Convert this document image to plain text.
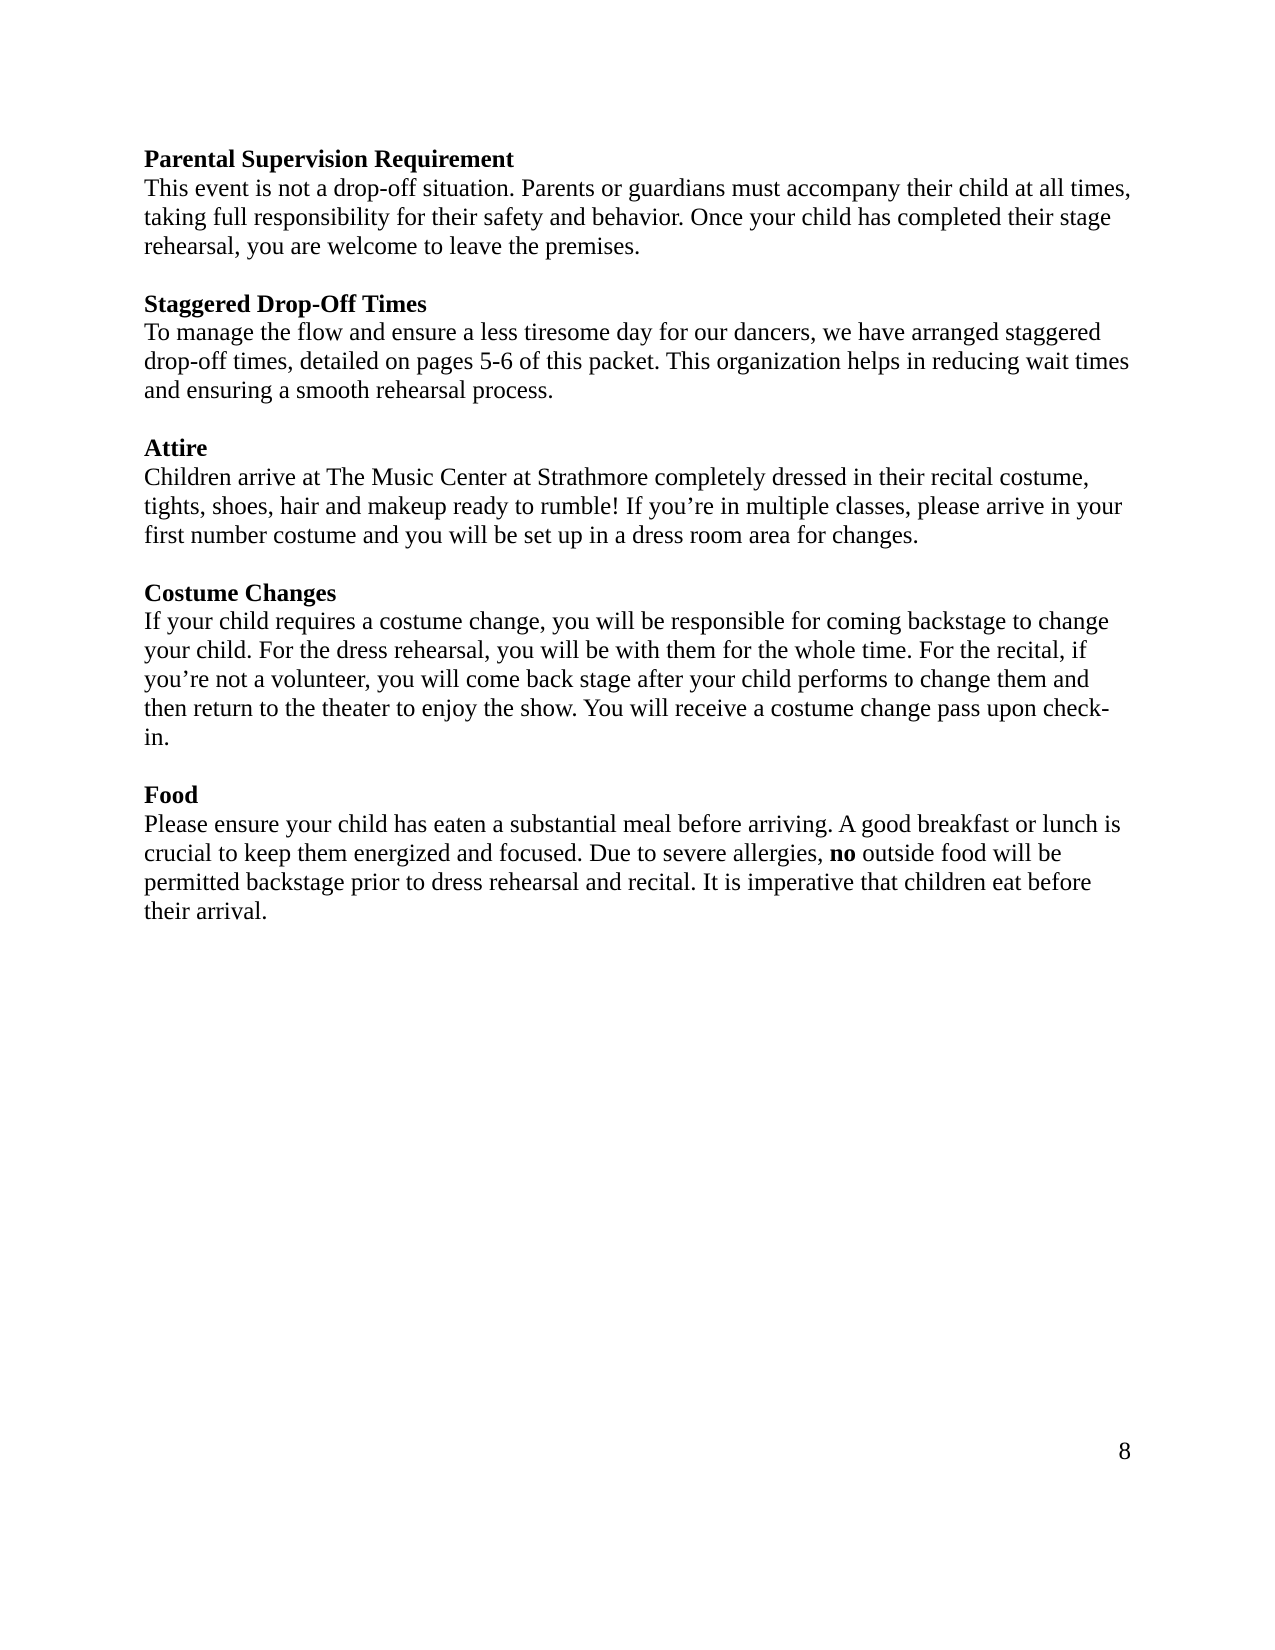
Parental Supervision Requirement

This event is not a drop-off situation. Parents or guardians must accompany their child at all times, taking full responsibility for their safety and behavior. Once your child has completed their stage rehearsal, you are welcome to leave the premises.

Staggered Drop-Off Times

To manage the flow and ensure a less tiresome day for our dancers, we have arranged staggered drop-off times, detailed on pages 5-6 of this packet. This organization helps in reducing wait times and ensuring a smooth rehearsal process.

Attire

Children arrive at The Music Center at Strathmore completely dressed in their recital costume, tights, shoes, hair and makeup ready to rumble! If you’re in multiple classes, please arrive in your first number costume and you will be set up in a dress room area for changes.

Costume Changes

If your child requires a costume change, you will be responsible for coming backstage to change your child. For the dress rehearsal, you will be with them for the whole time. For the recital, if you’re not a volunteer, you will come back stage after your child performs to change them and then return to the theater to enjoy the show. You will receive a costume change pass upon check-in.

Food

Please ensure your child has eaten a substantial meal before arriving. A good breakfast or lunch is crucial to keep them energized and focused. Due to severe allergies, no outside food will be permitted backstage prior to dress rehearsal and recital. It is imperative that children eat before their arrival.

8
